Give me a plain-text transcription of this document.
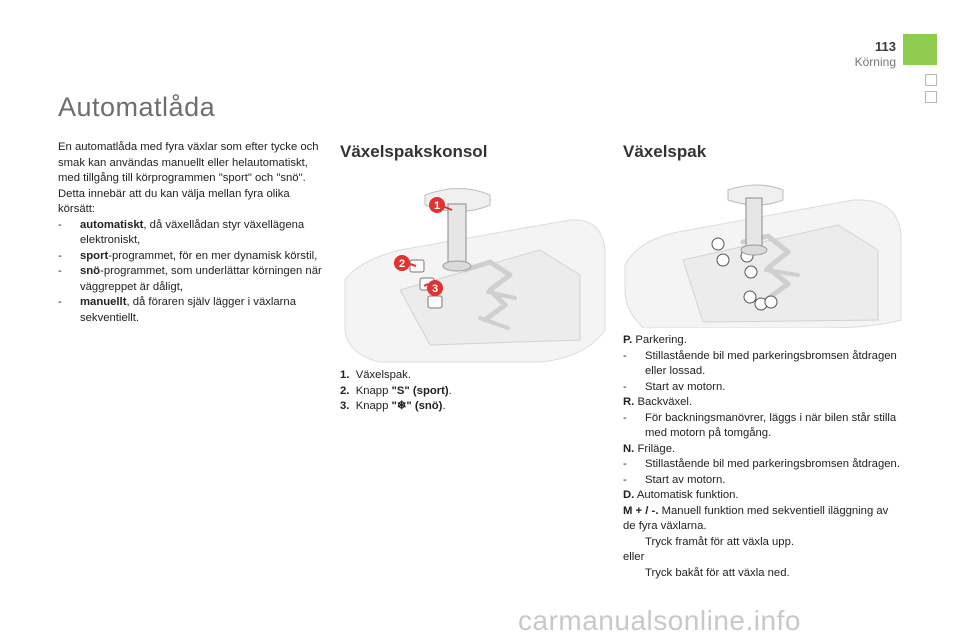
113
Körning
Automatlåda
En automatlåda med fyra växlar som efter tycke och smak kan användas manuellt eller helautomatiskt, med tillgång till körprogrammen "sport" och "snö".
Detta innebär att du kan välja mellan fyra olika körsätt:
- automatiskt, då växellådan styr växellägena elektroniskt,
- sport-programmet, för en mer dynamisk körstil,
- snö-programmet, som underlättar körningen när väggreppet är dåligt,
- manuellt, då föraren själv lägger i växlarna sekventiellt.
Växelspakskonsol
1
2
3
1. Växelspak.
2. Knapp "S" (sport).
3. Knapp "❄" (snö).
Växelspak
P. Parkering.
- Stillastående bil med parkeringsbromsen åtdragen eller lossad.
- Start av motorn.
R. Backväxel.
- För backningsmanövrer, läggs i när bilen står stilla med motorn på tomgång.
N. Friläge.
- Stillastående bil med parkeringsbromsen åtdragen.
- Start av motorn.
D. Automatisk funktion.
M + / -. Manuell funktion med sekventiell iläggning av de fyra växlarna.
Tryck framåt för att växla upp.
eller
Tryck bakåt för att växla ned.
carmanualsonline.info
